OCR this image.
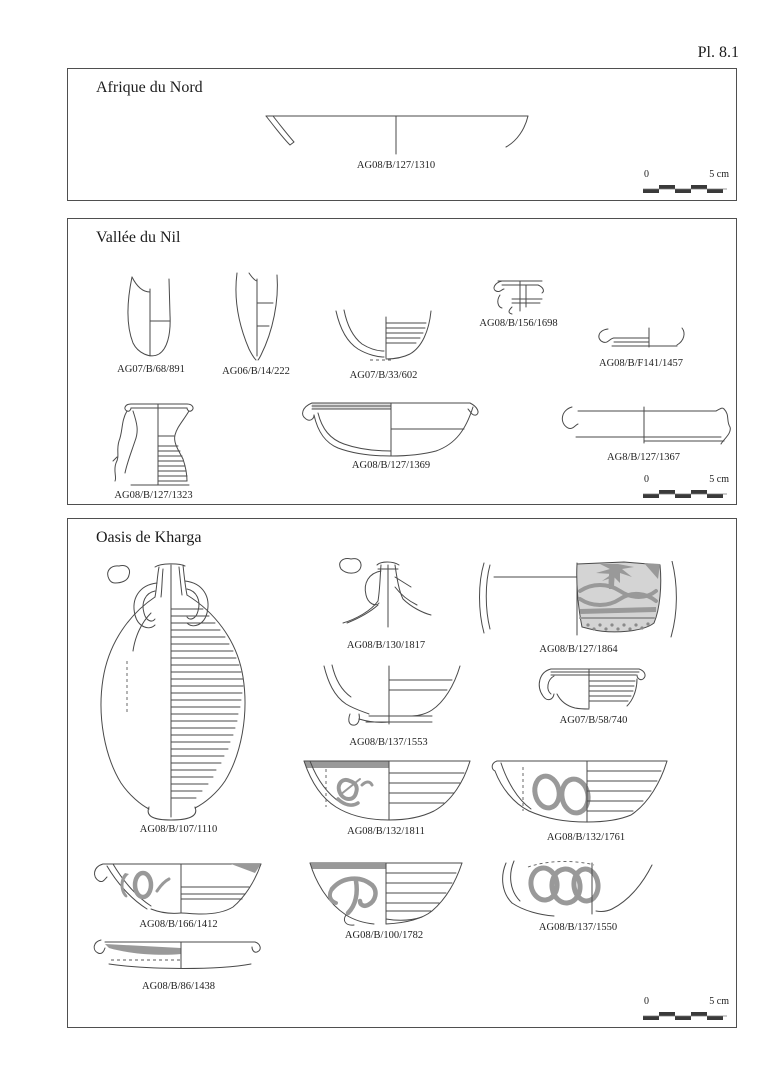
Pl. 8.1
Afrique du Nord
AG08/B/127/1310
0	5 cm
Vallée du Nil
AG07/B/68/891	AG06/B/14/222	AG07/B/33/602
AG08/B/156/1698
AG08/B/F141/1457
AG08/B/127/1323
AG08/B/127/1369
AG8/B/127/1367
0	5 cm
Oasis de Kharga
AG08/B/107/1110
AG08/B/130/1817	AG08/B/127/1864
AG08/B/137/1553
AG07/B/58/740
AG08/B/132/1811
AG08/B/132/1761
AG08/B/166/1412
AG08/B/100/1782
AG08/B/137/1550
AG08/B/86/1438
0	5 cm
